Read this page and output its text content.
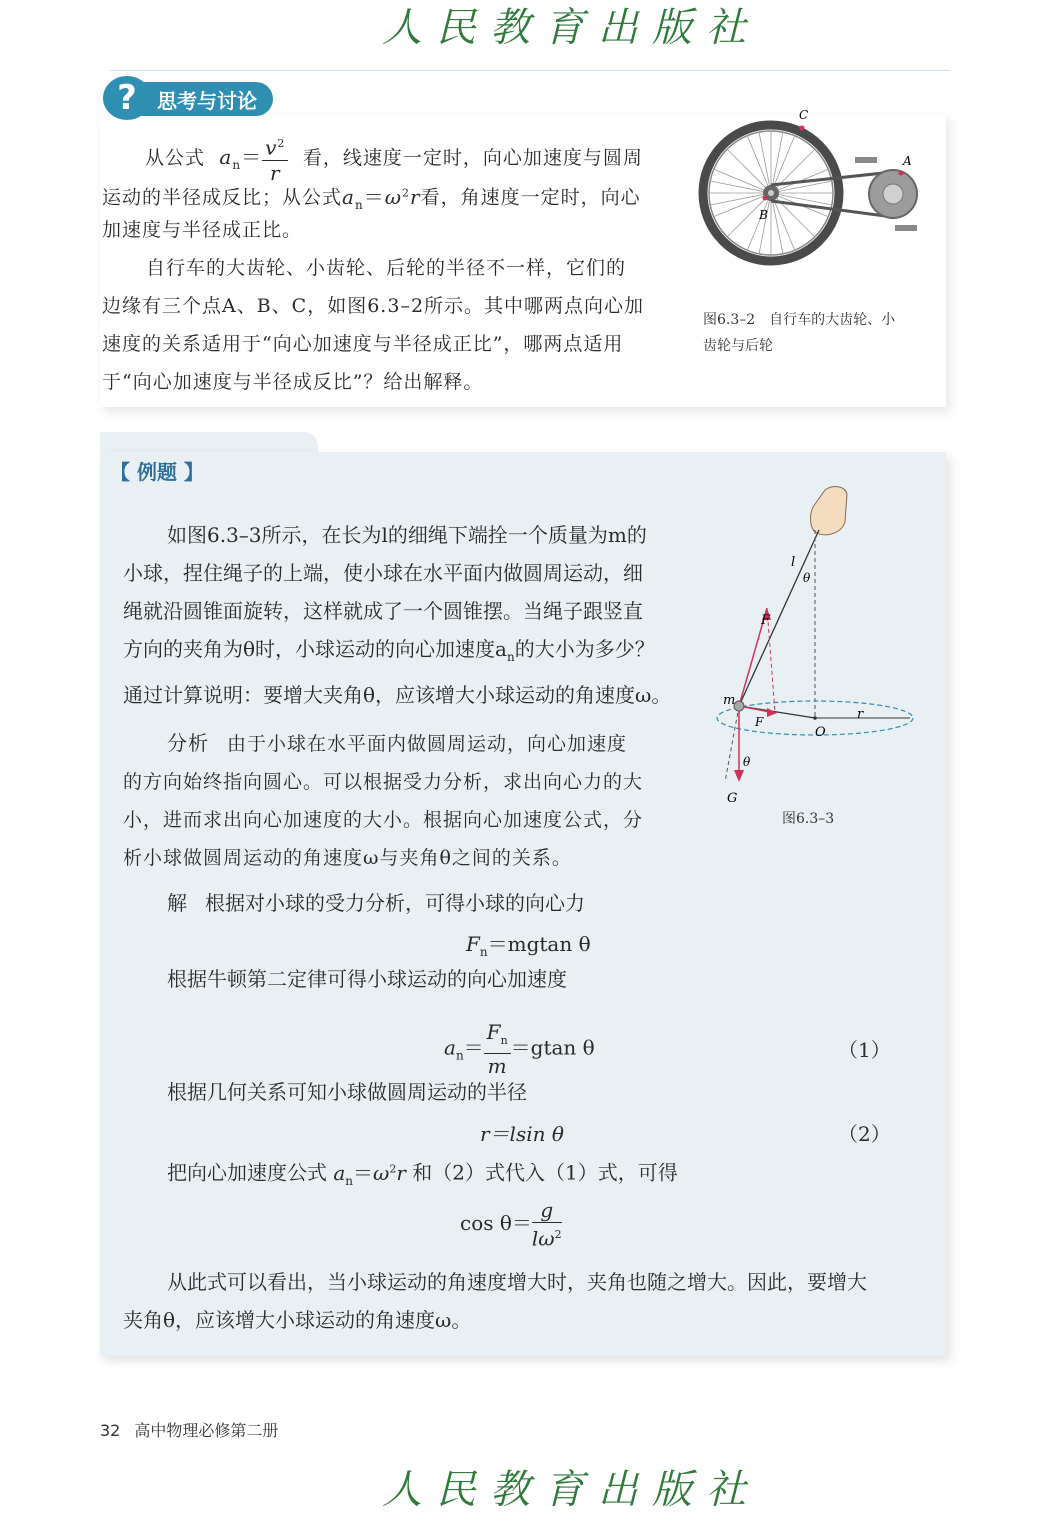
人民教育出版社
?	思考与讨论
从公式 $a_n= \frac{v^2}{r}$ 看，线速度一定时，向心加速度与圆周
运动的半径成反比；从公式$a_n=\omega^2r$看，角速度一定时，向心
加速度与半径成正比。
自行车的大齿轮、小齿轮、后轮的半径不一样，它们的
边缘有三个点A、B、C，如图6.3–2所示。其中哪两点向心加
速度的关系适用于“向心加速度与半径成正比”，哪两点适用
于“向心加速度与半径成反比”？给出解释。
C
A
B
图6.3–2　自行车的大齿轮、小
齿轮与后轮
【 例题 】
如图6.3–3所示，在长为l的细绳下端拴一个质量为m的
小球，捏住绳子的上端，使小球在水平面内做圆周运动，细
绳就沿圆锥面旋转，这样就成了一个圆锥摆。当绳子跟竖直
方向的夹角为θ时，小球运动的向心加速度$a_n$的大小为多少？
通过计算说明：要增大夹角θ，应该增大小球运动的角速度ω。
分析 由于小球在水平面内做圆周运动，向心加速度
的方向始终指向圆心。可以根据受力分析，求出向心力的大
小，进而求出向心加速度的大小。根据向心加速度公式，分
析小球做圆周运动的角速度ω与夹角θ之间的关系。
解 根据对小球的受力分析，可得小球的向心力
$F_n=mgtan$ θ
根据牛顿第二定律可得小球运动的向心加速度
$a_n= \frac{F_n}{m} =gtan$ θ	（1）
根据几何关系可知小球做圆周运动的半径
r＝lsin θ	（2）
把向心加速度公式 $a_n=\omega^2r$ 和（2）式代入（1）式，可得
$\cos \theta= \frac{g}{l\omega^2}$
从此式可以看出，当小球运动的角速度增大时，夹角也随之增大。因此，要增大
夹角θ，应该增大小球运动的角速度ω。
l
θ
F
m
F
O
r
θ
G
图6.3–3
32 高中物理必修第二册
人民教育出版社
